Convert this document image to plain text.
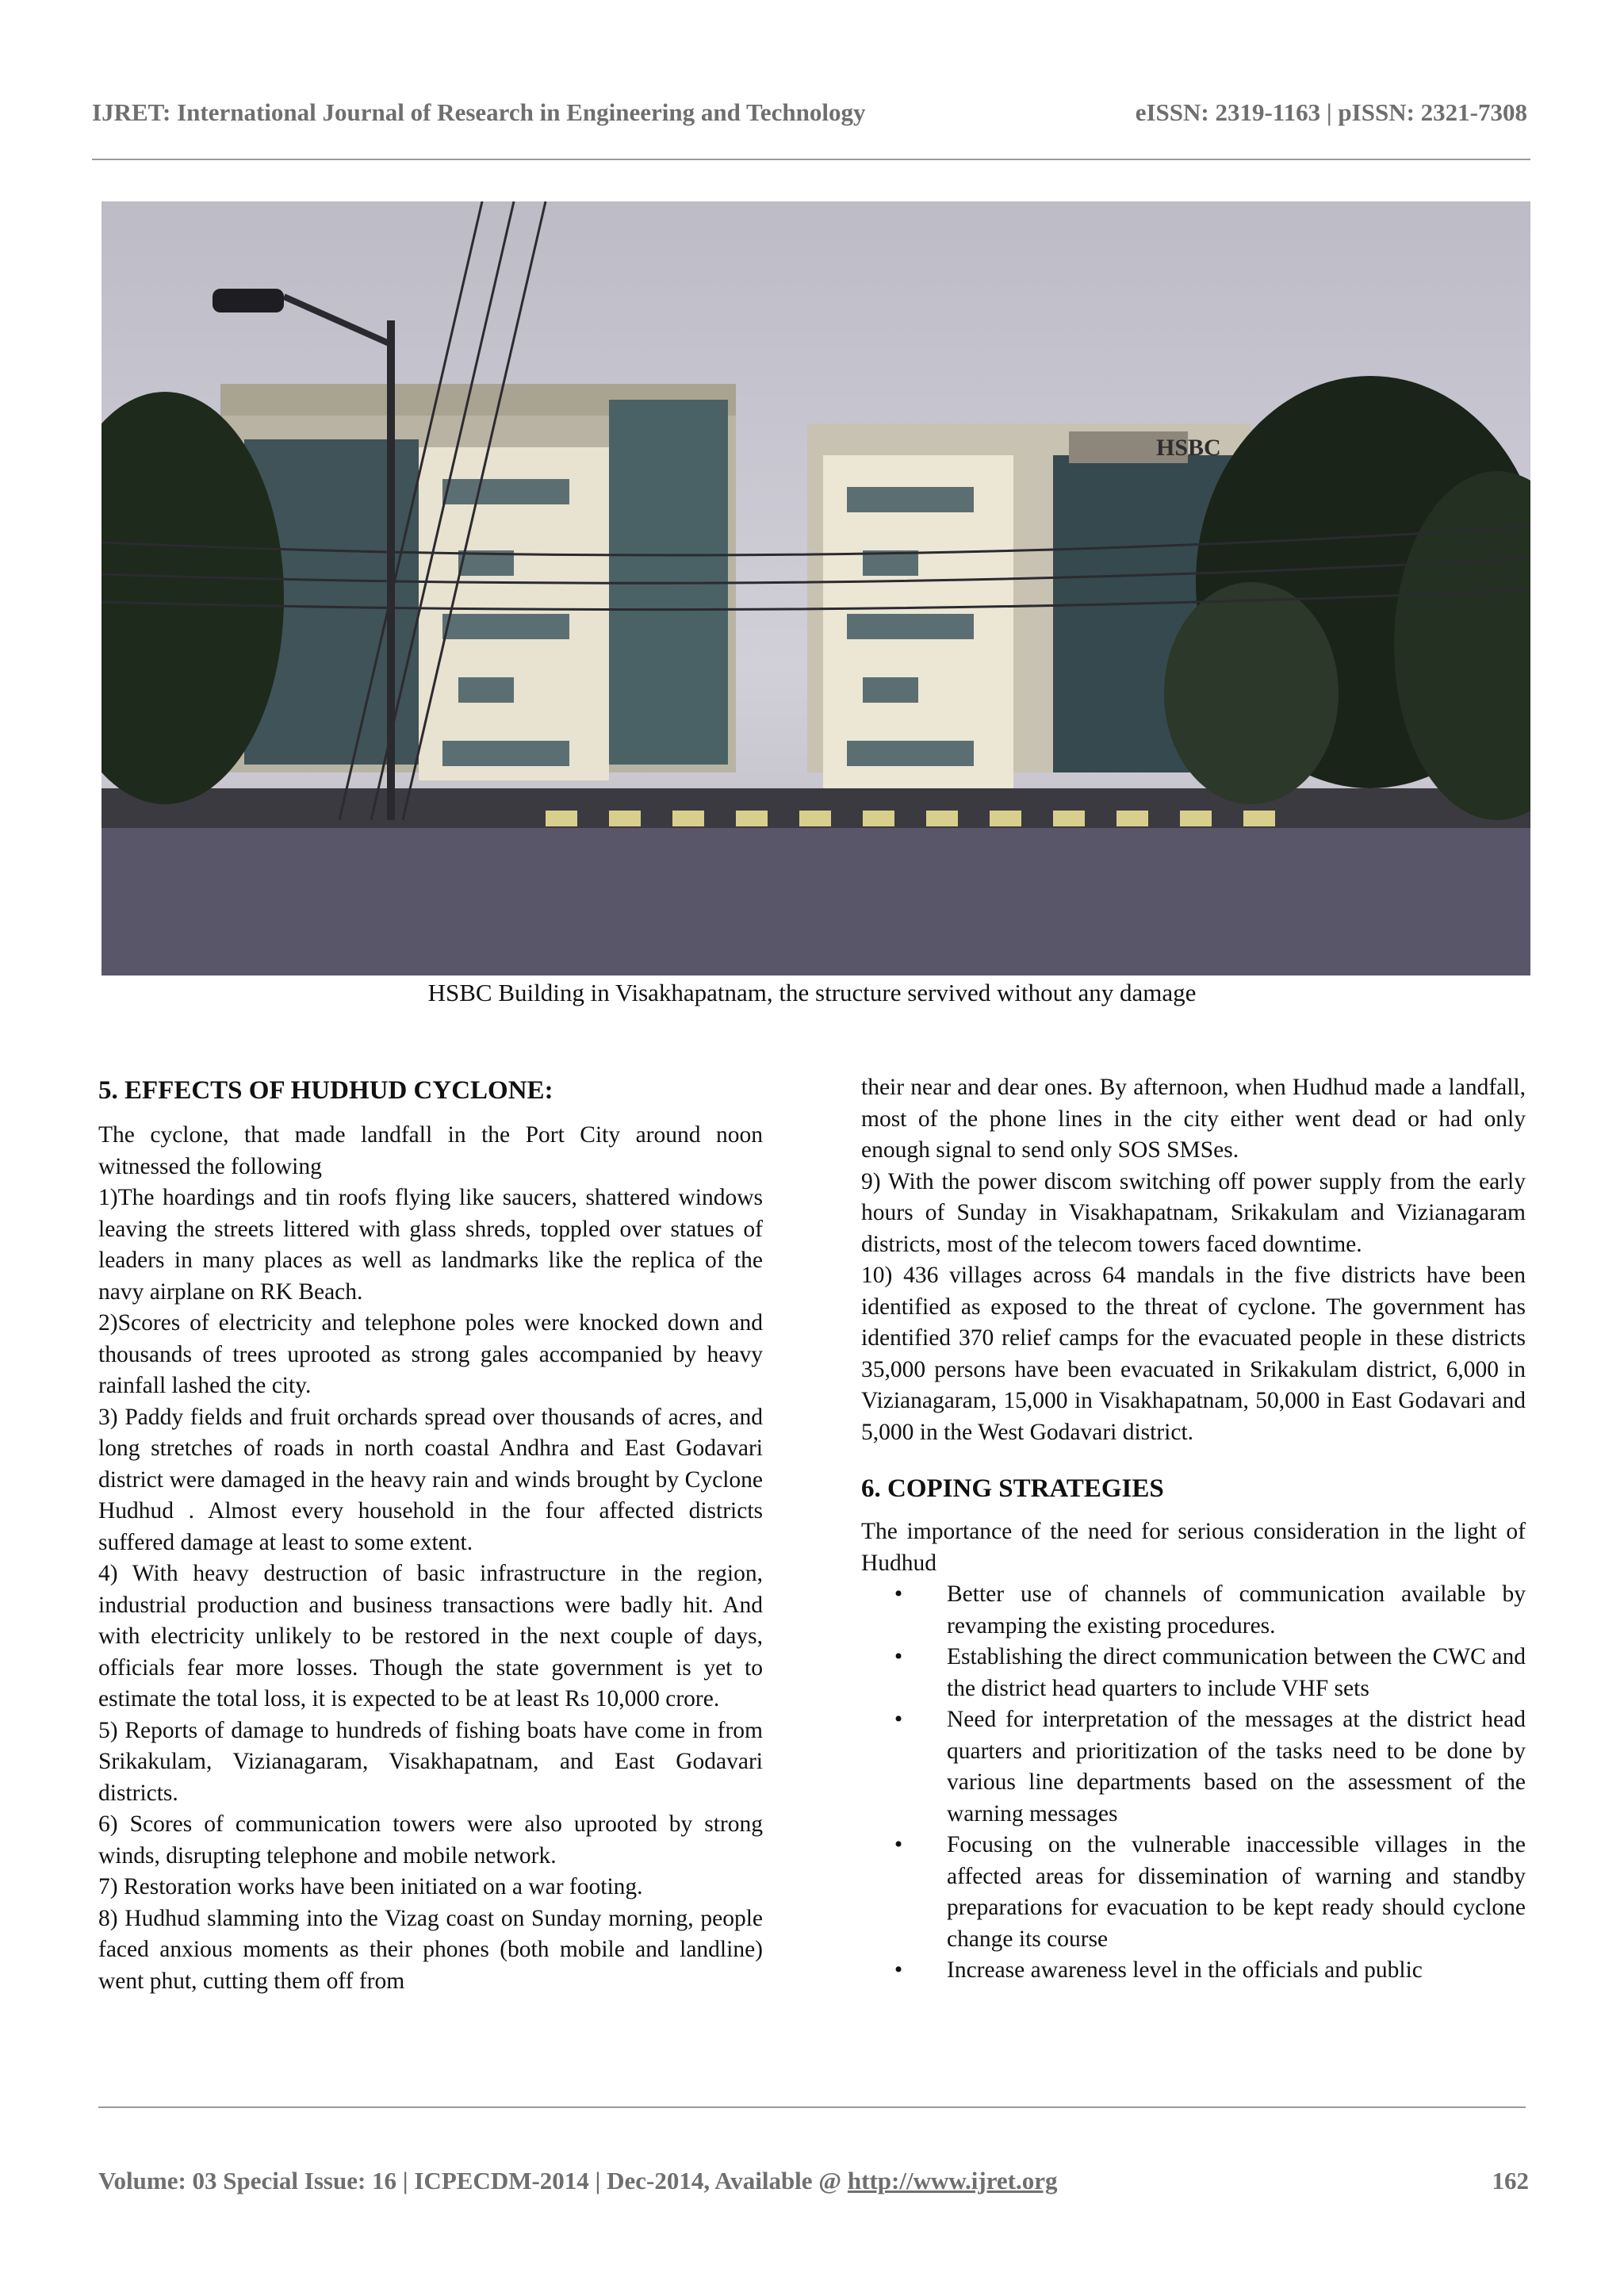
IJRET: International Journal of Research in Engineering and Technology	eISSN: 2319-1163 | pISSN: 2321-7308
HSBC
HSBC Building in Visakhapatnam, the structure servived without any damage
5. EFFECTS OF HUDHUD CYCLONE:

The cyclone, that made landfall in the Port City around noon witnessed the following

1)The hoardings and tin roofs flying like saucers, shattered windows leaving the streets littered with glass shreds, toppled over statues of leaders in many places as well as landmarks like the replica of the navy airplane on RK Beach.

2)Scores of electricity and telephone poles were knocked down and thousands of trees uprooted as strong gales accompanied by heavy rainfall lashed the city.

3) Paddy fields and fruit orchards spread over thousands of acres, and long stretches of roads in north coastal Andhra and East Godavari district were damaged in the heavy rain and winds brought by Cyclone Hudhud . Almost every household in the four affected districts suffered damage at least to some extent.

4) With heavy destruction of basic infrastructure in the region, industrial production and business transactions were badly hit. And with electricity unlikely to be restored in the next couple of days, officials fear more losses. Though the state government is yet to estimate the total loss, it is expected to be at least Rs 10,000 crore.

5) Reports of damage to hundreds of fishing boats have come in from Srikakulam, Vizianagaram, Visakhapatnam, and East Godavari districts.

6) Scores of communication towers were also uprooted by strong winds, disrupting telephone and mobile network.

7) Restoration works have been initiated on a war footing.

8) Hudhud slamming into the Vizag coast on Sunday morning, people faced anxious moments as their phones (both mobile and landline) went phut, cutting them off from

their near and dear ones. By afternoon, when Hudhud made a landfall, most of the phone lines in the city either went dead or had only enough signal to send only SOS SMSes.

9) With the power discom switching off power supply from the early hours of Sunday in Visakhapatnam, Srikakulam and Vizianagaram districts, most of the telecom towers faced downtime.

10) 436 villages across 64 mandals in the five districts have been identified as exposed to the threat of cyclone. The government has identified 370 relief camps for the evacuated people in these districts 35,000 persons have been evacuated in Srikakulam district, 6,000 in Vizianagaram, 15,000 in Visakhapatnam, 50,000 in East Godavari and 5,000 in the West Godavari district.

6. COPING STRATEGIES

The importance of the need for serious consideration in the light of Hudhud

•	Better use of channels of communication available by revamping the existing procedures.
•	Establishing the direct communication between the CWC and the district head quarters to include VHF sets
•	Need for interpretation of the messages at the district head quarters and prioritization of the tasks need to be done by various line departments based on the assessment of the warning messages
•	Focusing on the vulnerable inaccessible villages in the affected areas for dissemination of warning and standby preparations for evacuation to be kept ready should cyclone change its course
•	Increase awareness level in the officials and public
Volume: 03 Special Issue: 16 | ICPECDM-2014 | Dec-2014, Available @ http://www.ijret.org	162
